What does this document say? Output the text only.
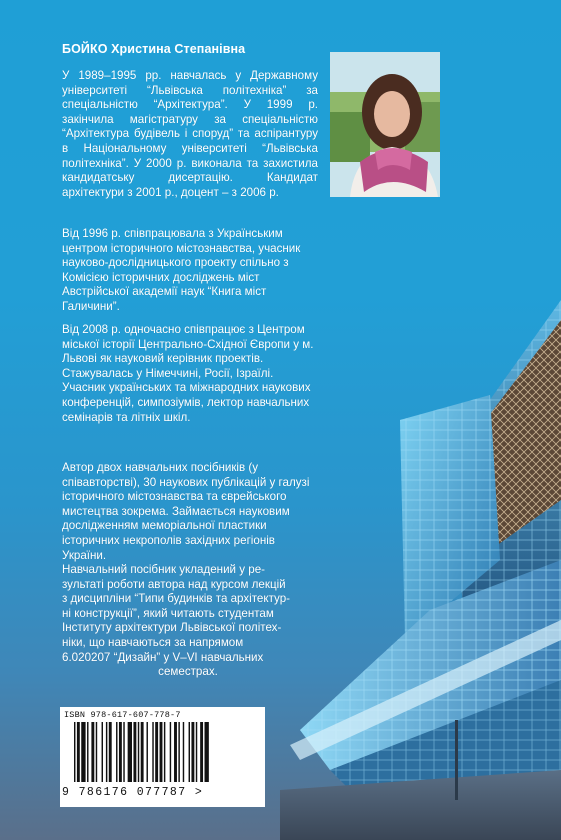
БОЙКО Христина Степанівна

У 1989–1995 рр. навчалась у Державному університеті “Львівська політехніка” за спеціальністю “Архітектура”. У 1999 р. закінчила магістратуру за спеціальністю “Архітектура будівель і споруд” та аспірантуру в Національному університеті “Львівська політехніка”. У 2000 р. виконала та захистила кандидатську дисертацію. Кандидат архітектури з 2001 р., доцент – з 2006 р.

Від 1996 р. співпрацювала з Українським центром історичного містознавства, учасник науково-дослідницького проекту спільно з Комісією історичних досліджень міст Австрійської академії наук “Книга міст Галичини”.

Від 2008 р. одночасно співпрацює з Центром міської історії Центрально-Східної Європи у м. Львові як науковий керівник проектів. Стажувалась у Німеччині, Росії, Ізраїлі. Учасник українських та міжнародних наукових конференцій, симпозіумів, лектор навчальних семінарів та літніх шкіл.

Автор двох навчальних посібників (у співавторстві), 30 наукових публікацій у галузі історичного містознавства та єврейського мистецтва зокрема. Займається науковим дослідженням меморіальної пластики історичних некрополів західних регіонів України.

Навчальний посібник укладений у ре-
зультаті роботи автора над курсом лекцій
з дисципліни “Типи будинків та архітектур-
ні конструкції”, який читають студентам
Інституту архітектури Львівської політех-
ніки, що навчаються за напрямом
6.020207 “Дизайн” у V–VI навчальних
семестрах.

ISBN 978-617-607-778-7

9 786176 077787 >
